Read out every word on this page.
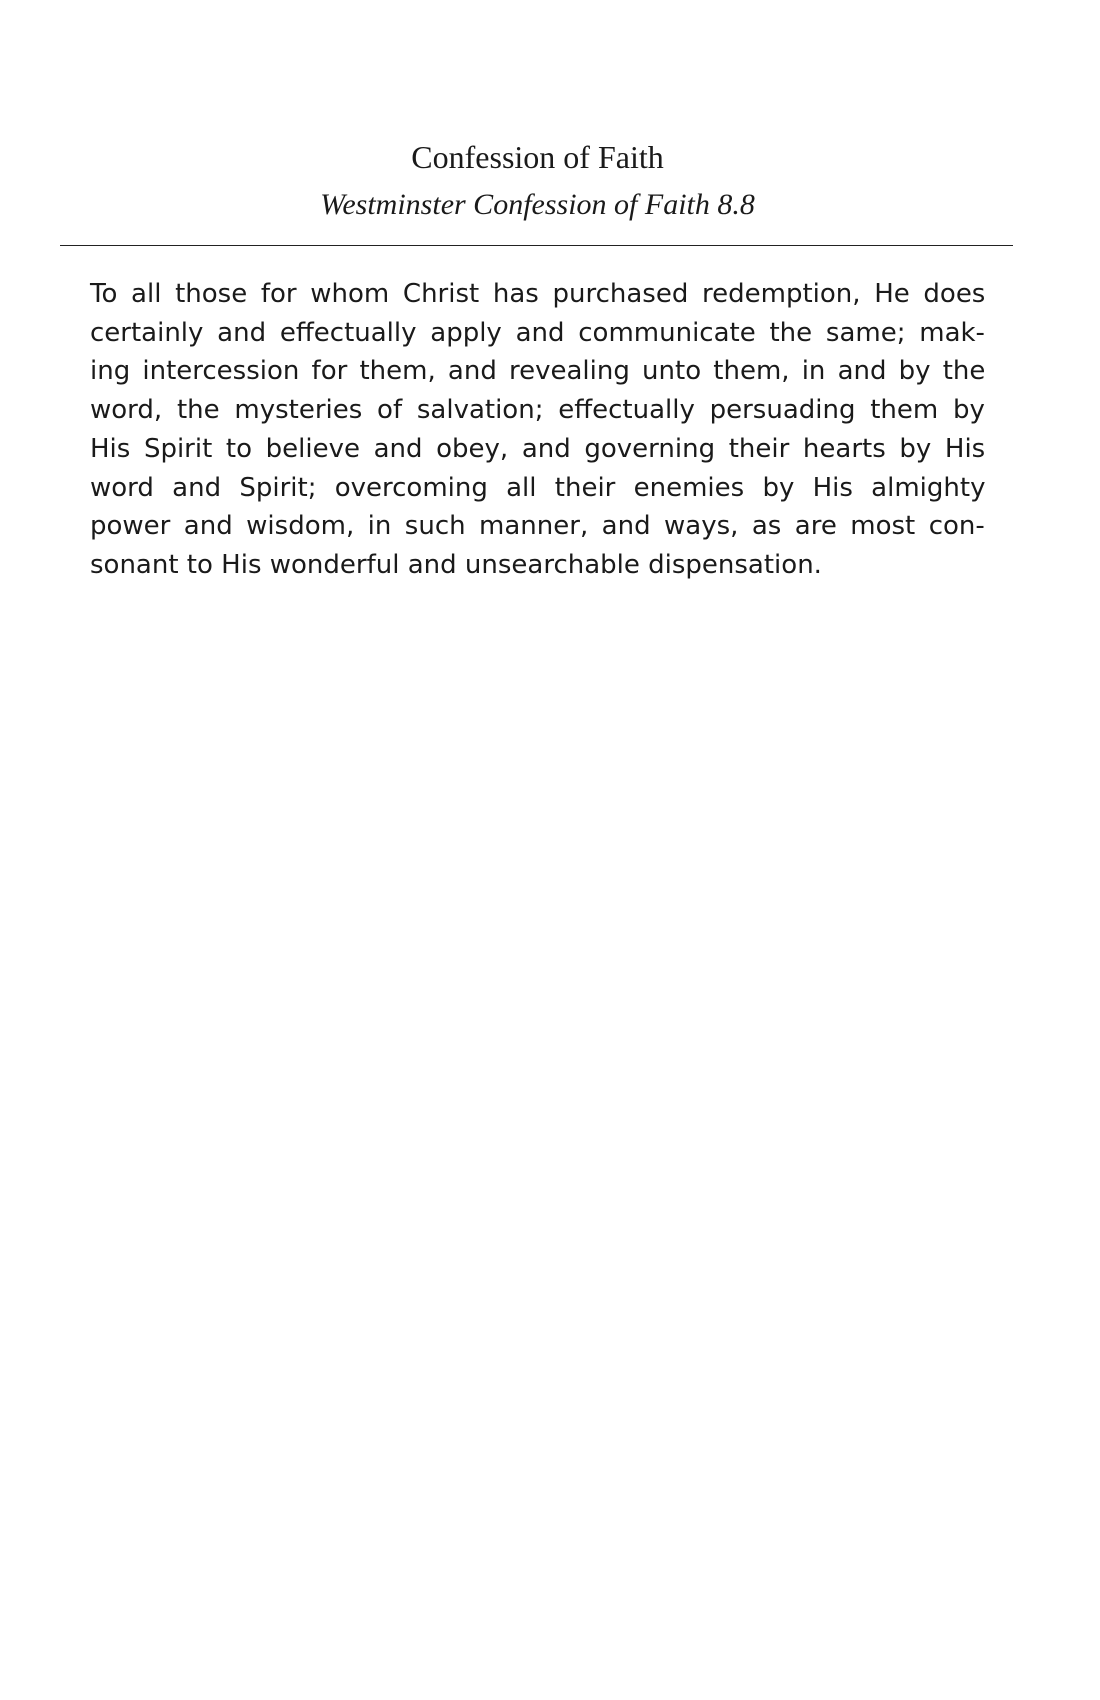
Confession of Faith
Westminster Confession of Faith 8.8

To all those for whom Christ has purchased redemption, He does
certainly and effectually apply and communicate the same; mak-
ing intercession for them, and revealing unto them, in and by the
word, the mysteries of salvation; effectually persuading them by
His Spirit to believe and obey, and governing their hearts by His
word and Spirit; overcoming all their enemies by His almighty
power and wisdom, in such manner, and ways, as are most con-
sonant to His wonderful and unsearchable dispensation.
